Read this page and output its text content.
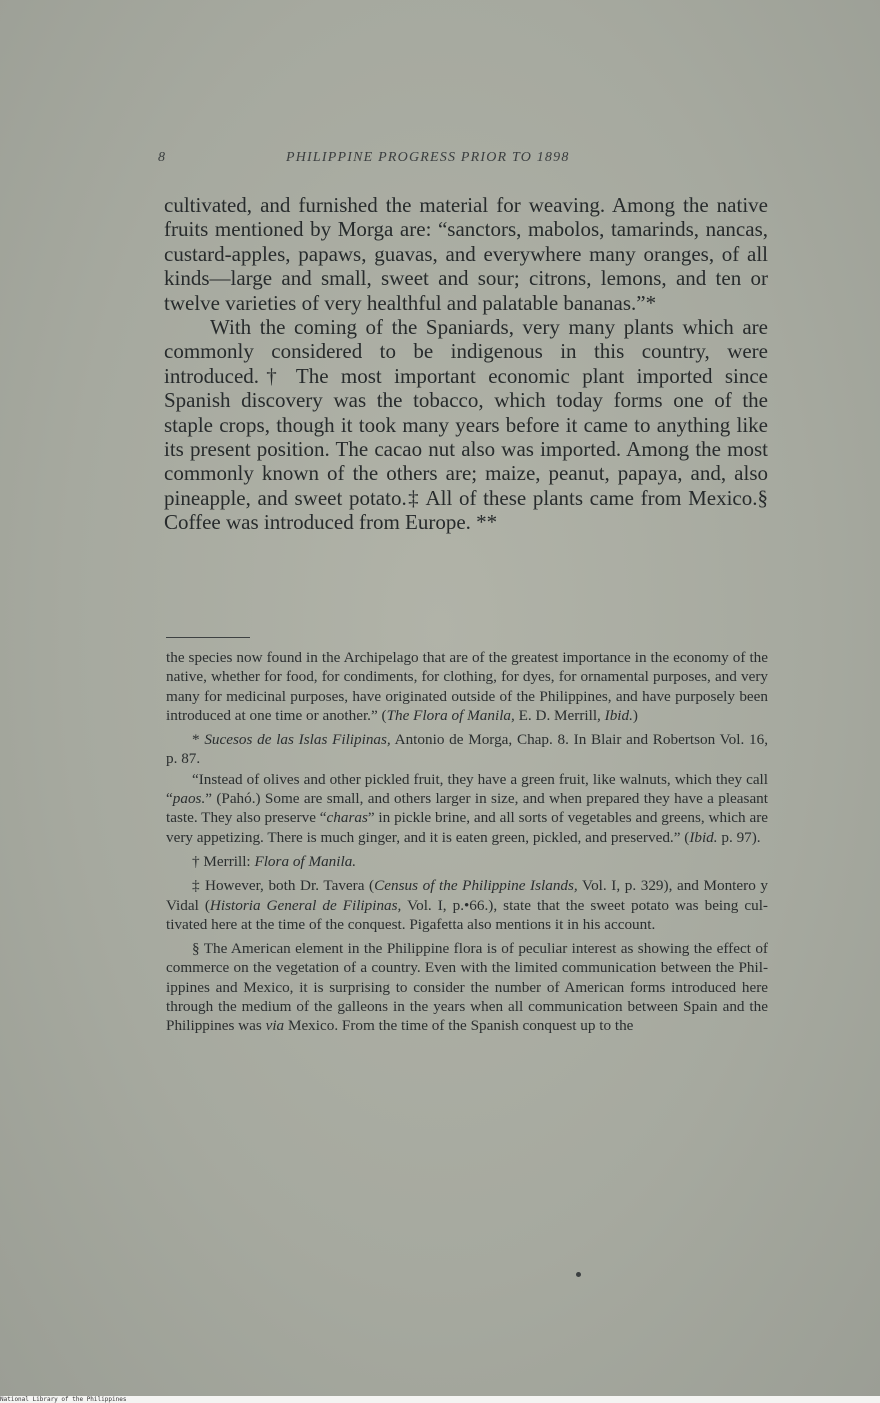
8	PHILIPPINE PROGRESS PRIOR TO 1898

cultivated, and furnished the material for weaving. Among the native fruits mentioned by Morga are: “sanctors, mabolos, tamarinds, nancas, custard-apples, papaws, guavas, and everywhere many oranges, of all kinds—large and small, sweet and sour; citrons, lemons, and ten or twelve varieties of very healthful and palatable bananas.”*

With the coming of the Spaniards, very many plants which are commonly considered to be indigenous in this country, were introduced.† The most important economic plant imported since Spanish discovery was the tobacco, which today forms one of the staple crops, though it took many years before it came to anything like its present position. The cacao nut also was imported. Among the most commonly known of the others are; maize, peanut, papaya, and, also pineapple, and sweet potato.‡ All of these plants came from Mexico.§ Coffee was introduced from Europe. **

the species now found in the Archipelago that are of the greatest importance in the economy of the native, whether for food, for condiments, for clothing, for dyes, for ornamental purposes, and very many for medicinal purposes, have originated outside of the Philippines, and have purposely been introduced at one time or another.” (The Flora of Manila, E. D. Merrill, Ibid.)

* Sucesos de las Islas Filipinas, Antonio de Morga, Chap. 8. In Blair and Robertson Vol. 16, p. 87.

“Instead of olives and other pickled fruit, they have a green fruit, like walnuts, which they call “paos.” (Pahó.) Some are small, and others larger in size, and when prepared they have a pleasant taste. They also preserve “charas” in pickle brine, and all sorts of vegetables and greens, which are very appetizing. There is much ginger, and it is eaten green, pickled, and preserved.” (Ibid. p. 97).

† Merrill: Flora of Manila.

‡ However, both Dr. Tavera (Census of the Philippine Islands, Vol. I, p. 329), and Montero y Vidal (Historia General de Filipinas, Vol. I, p.•66.), state that the sweet potato was being cultivated here at the time of the conquest. Pigafetta also mentions it in his account.

§ The American element in the Philippine flora is of peculiar interest as showing the effect of commerce on the vegetation of a country. Even with the limited communication between the Philippines and Mexico, it is surprising to consider the number of American forms introduced here through the medium of the galleons in the years when all communication between Spain and the Philippines was via Mexico. From the time of the Spanish conquest up to the

National Library of the Philippines
